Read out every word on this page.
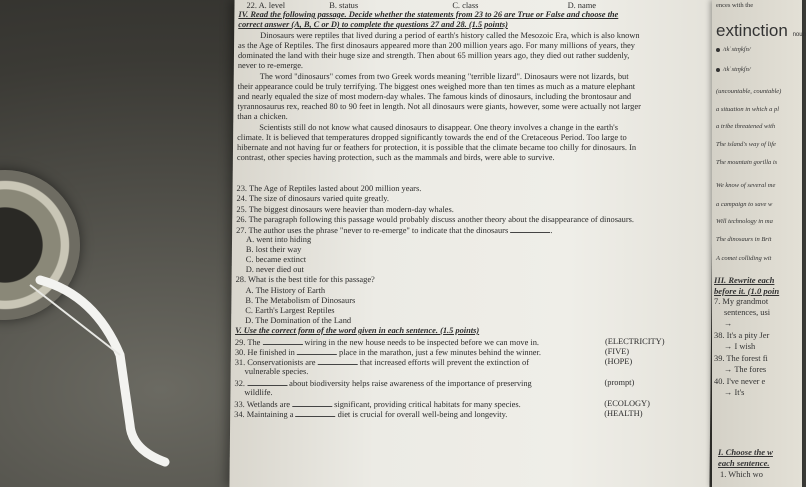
22. A. level	B. status	C. class	D. name
IV. Read the following passage. Decide whether the statements from 23 to 26 are True or False and choose the
correct answer (A, B, C or D) to complete the questions 27 and 28. (1.5 points)
Dinosaurs were reptiles that lived during a period of earth's history called the Mesozoic Era, which is also known
as the Age of Reptiles. The first dinosaurs appeared more than 200 million years ago. For many millions of years, they
dominated the land with their huge size and strength. Then about 65 million years ago, they died out rather suddenly,
never to re-emerge.
The word "dinosaurs" comes from two Greek words meaning "terrible lizard". Dinosaurs were not lizards, but
their appearance could be truly terrifying. The biggest ones weighed more than ten times as much as a mature elephant
and nearly equaled the size of most modern-day whales. The famous kinds of dinosaurs, including the brontosaur and
tyrannosaurus rex, reached 80 to 90 feet in length. Not all dinosaurs were giants, however, some were actually not larger
than a chicken.
Scientists still do not know what caused dinosaurs to disappear. One theory involves a change in the earth's
climate. It is believed that temperatures dropped significantly towards the end of the Cretaceous Period. Too large to
hibernate and not having fur or feathers for protection, it is possible that the climate became too chilly for dinosaurs. In
contrast, other species having protection, such as the mammals and birds, were able to survive.
23. The Age of Reptiles lasted about 200 million years.
24. The size of dinosaurs varied quite greatly.
25. The biggest dinosaurs were heavier than modern-day whales.
26. The paragraph following this passage would probably discuss another theory about the disappearance of dinosaurs.
27. The author uses the phrase "never to re-emerge" to indicate that the dinosaurs	.
A. went into hiding
B. lost their way
C. became extinct
D. never died out
28. What is the best title for this passage?
A. The History of Earth
B. The Metabolism of Dinosaurs
C. Earth's Largest Reptiles
D. The Domination of the Land
V. Use the correct form of the word given in each sentence. (1.5 points)
29. The	wiring in the new house needs to be inspected before we can move in.	(ELECTRICITY)
30. He finished in	place in the marathon, just a few minutes behind the winner.	(FIVE)
31. Conservationists are	that increased efforts will prevent the extinction of	(HOPE)
vulnerable species.
32.	about biodiversity helps raise awareness of the importance of preserving	(prompt)
wildlife.
33. Wetlands are	significant, providing critical habitats for many species.	(ECOLOGY)
34. Maintaining a	diet is crucial for overall well-being and longevity.	(HEALTH)
ences with the
extinction noun
/ɪkˈstɪŋkʃn/
/ɪkˈstɪŋkʃn/
(uncountable, countable)
a situation in which a pl
a tribe threatened with
The island's way of life
The mountain gorilla is
We know of several me
a campaign to save w
Will technology in ma
The dinosaurs in Brit
A comet colliding wit
III. Rewrite each
before it. (1.0 poin
7. My grandmot
sentences, usi
→
38. It's a pity Jer
→ I wish
39. The forest fi
→ The fores
40. I've never e
→ It's
I. Choose the w
each sentence.
1. Which wo
